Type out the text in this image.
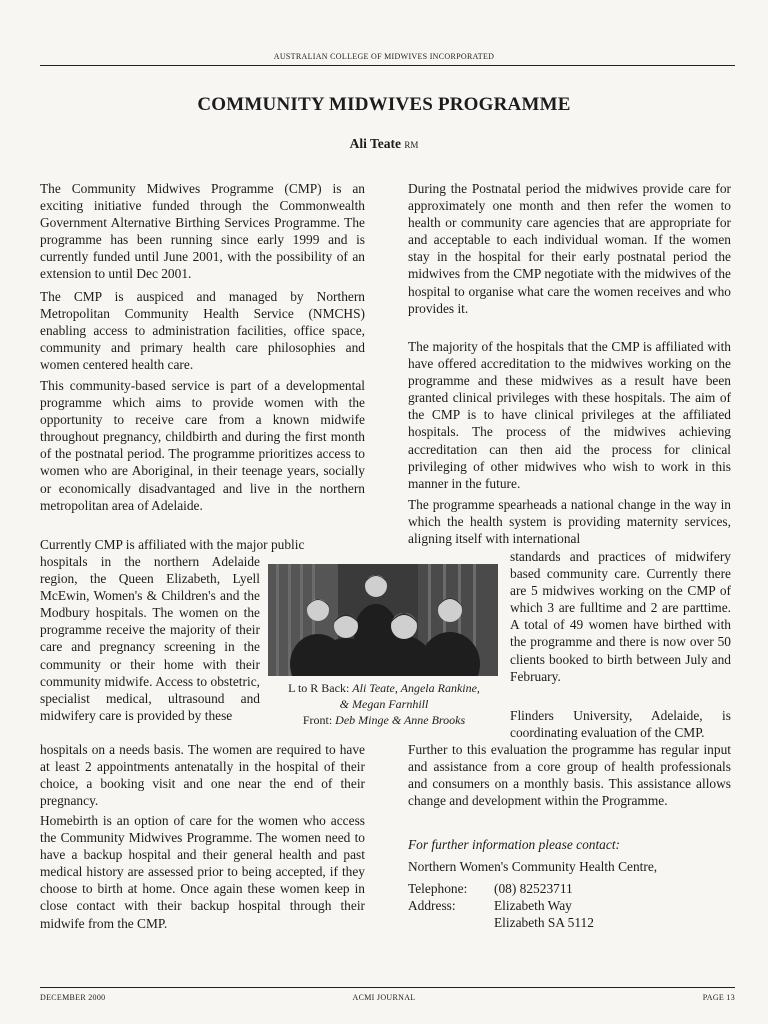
AUSTRALIAN COLLEGE OF MIDWIVES INCORPORATED
COMMUNITY MIDWIVES PROGRAMME
Ali Teate RM

The Community Midwives Programme (CMP) is an exciting initiative funded through the Commonwealth Government Alternative Birthing Services Programme. The programme has been running since early 1999 and is currently funded until June 2001, with the possibility of an extension to until Dec 2001.

The CMP is auspiced and managed by Northern Metropolitan Community Health Service (NMCHS) enabling access to administration facilities, office space, community and primary health care philosophies and women centered health care.

This community-based service is part of a developmental programme which aims to provide women with the opportunity to receive care from a known midwife throughout pregnancy, childbirth and during the first month of the postnatal period. The programme prioritizes access to women who are Aboriginal, in their teenage years, socially or economically disadvantaged and live in the northern metropolitan area of Adelaide.

Currently CMP is affiliated with the major public

hospitals in the northern Adelaide region, the Queen Elizabeth, Lyell McEwin, Women's & Children's and the Modbury hospitals. The women on the programme receive the majority of their care and pregnancy screening in the community or their home with their community midwife. Access to obstetric, specialist medical, ultrasound and midwifery care is provided by these

hospitals on a needs basis. The women are required to have at least 2 appointments antenatally in the hospital of their choice, a booking visit and one near the end of their pregnancy.

Homebirth is an option of care for the women who access the Community Midwives Programme. The women need to have a backup hospital and their general health and past medical history are assessed prior to being accepted, if they choose to birth at home. Once again these women keep in close contact with their backup hospital through their midwife from the CMP.

L to R Back: Ali Teate, Angela Rankine,
& Megan Farnhill
Front: Deb Minge & Anne Brooks

During the Postnatal period the midwives provide care for approximately one month and then refer the women to health or community care agencies that are appropriate for and acceptable to each individual woman. If the women stay in the hospital for their early postnatal period the midwives from the CMP negotiate with the midwives of the hospital to organise what care the women receives and who provides it.

The majority of the hospitals that the CMP is affiliated with have offered accreditation to the midwives working on the programme and these midwives as a result have been granted clinical privileges with these hospitals. The aim of the CMP is to have clinical privileges at the affiliated hospitals. The process of the midwives achieving accreditation can then aid the process for clinical privileging of other midwives who wish to work in this manner in the future.

The programme spearheads a national change in the way in which the health system is providing maternity services, aligning itself with international

standards and practices of midwifery based community care. Currently there are 5 midwives working on the CMP of which 3 are fulltime and 2 are parttime. A total of 49 women have birthed with the programme and there is now over 50 clients booked to birth between July and February.

Flinders University, Adelaide, is coordinating evaluation of the CMP.

Further to this evaluation the programme has regular input and assistance from a core group of health professionals and consumers on a monthly basis. This assistance allows change and development within the Programme.

For further information please contact:
Northern Women's Community Health Centre,
Telephone: (08) 82523711
Address:	Elizabeth Way
Elizabeth SA 5112
DECEMBER 2000	ACMI JOURNAL	PAGE 13
